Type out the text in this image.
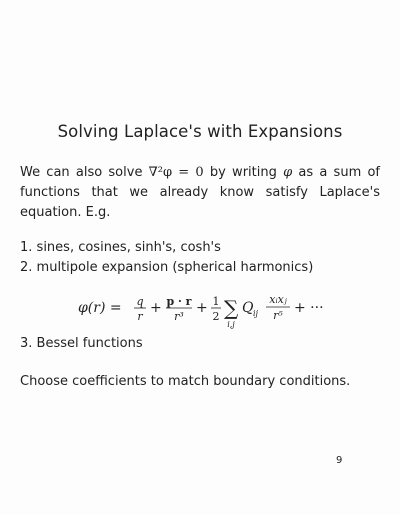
Solving Laplace's with Expansions
We can also solve ∇²φ = 0 by writing φ as a sum of functions that we already know satisfy Laplace's equation. E.g.
1. sines, cosines, sinh's, cosh's
2. multipole expansion (spherical harmonics)
φ(r) = q
r
+ p · r
r³
+ 1
2 ∑
i,j
Q ij
xᵢxⱼ
r⁵ + ···
3. Bessel functions
Choose coefficients to match boundary conditions.
9
